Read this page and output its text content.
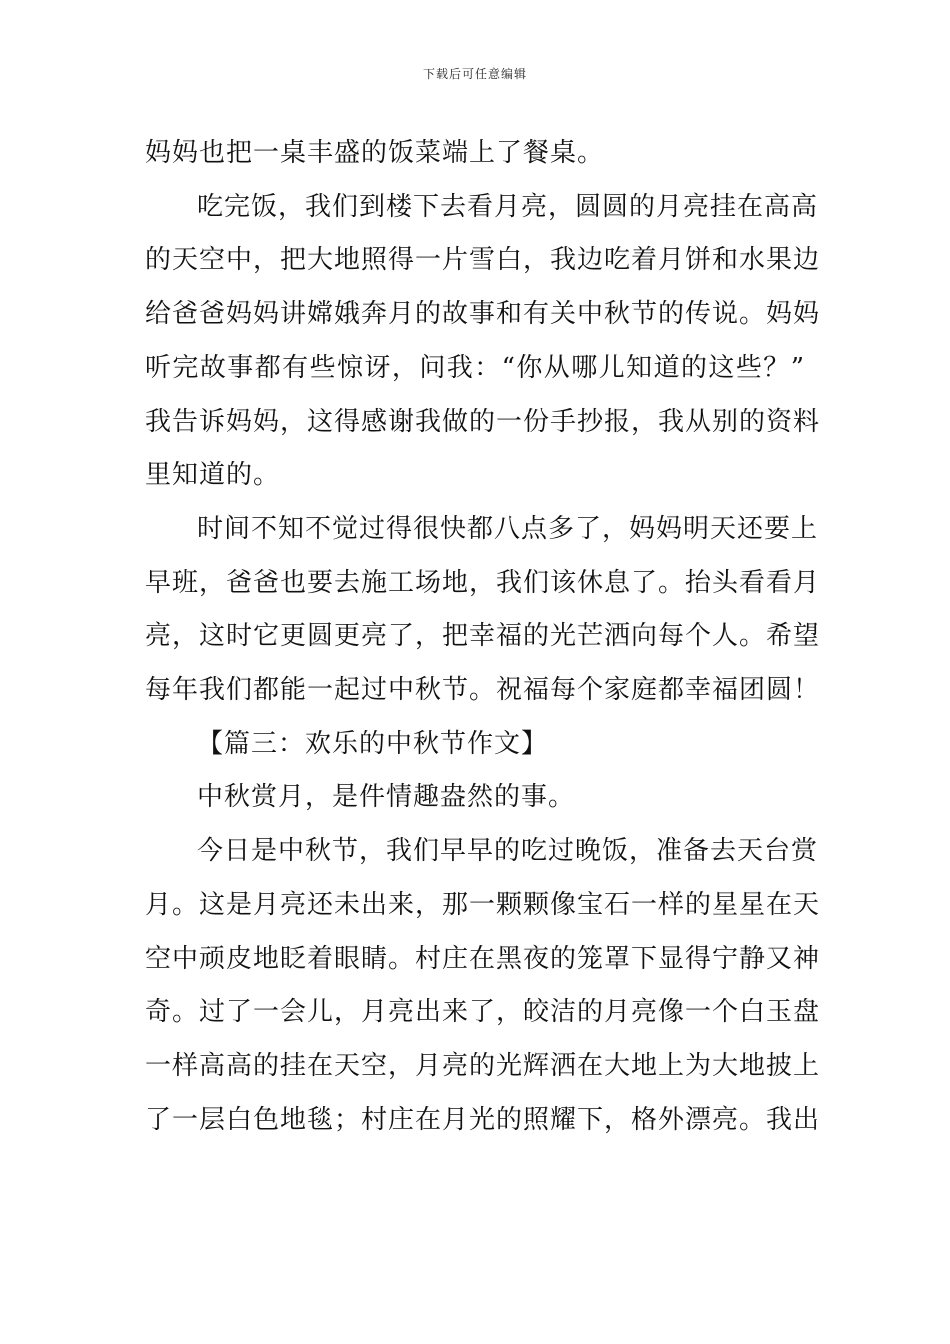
下载后可任意编辑

妈妈也把一桌丰盛的饭菜端上了餐桌。

吃完饭，我们到楼下去看月亮，圆圆的月亮挂在高高
的天空中，把大地照得一片雪白，我边吃着月饼和水果边
给爸爸妈妈讲嫦娥奔月的故事和有关中秋节的传说。妈妈
听完故事都有些惊讶，问我：“你从哪儿知道的这些？”
我告诉妈妈，这得感谢我做的一份手抄报，我从别的资料
里知道的。

时间不知不觉过得很快都八点多了，妈妈明天还要上
早班，爸爸也要去施工场地，我们该休息了。抬头看看月
亮，这时它更圆更亮了，把幸福的光芒洒向每个人。希望
每年我们都能一起过中秋节。祝福每个家庭都幸福团圆！

【篇三：欢乐的中秋节作文】

中秋赏月，是件情趣盎然的事。

今日是中秋节，我们早早的吃过晚饭，准备去天台赏
月。这是月亮还未出来，那一颗颗像宝石一样的星星在天
空中顽皮地眨着眼睛。村庄在黑夜的笼罩下显得宁静又神
奇。过了一会儿，月亮出来了，皎洁的月亮像一个白玉盘
一样高高的挂在天空，月亮的光辉洒在大地上为大地披上
了一层白色地毯；村庄在月光的照耀下，格外漂亮。我出
